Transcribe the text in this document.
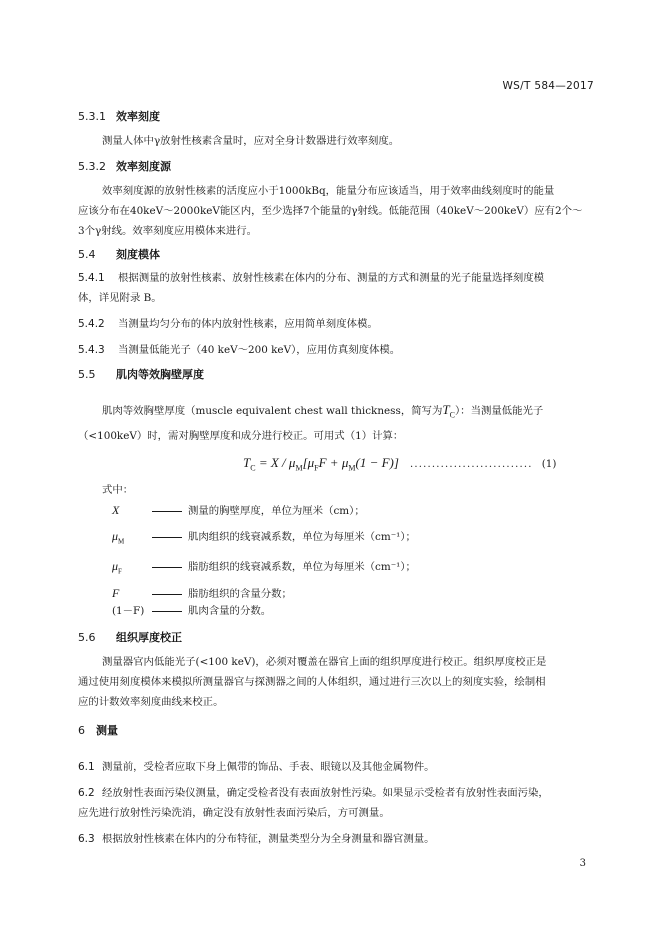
WS/T 584—2017
5.3.1 效率刻度
测量人体中γ放射性核素含量时，应对全身计数器进行效率刻度。
5.3.2 效率刻度源
效率刻度源的放射性核素的活度应小于1000kBq，能量分布应该适当，用于效率曲线刻度时的能量
应该分布在40keV～2000keV能区内，至少选择7个能量的γ射线。低能范围（40keV～200keV）应有2个～
3个γ射线。效率刻度应用模体来进行。
5.4 刻度模体
5.4.1 根据测量的放射性核素、放射性核素在体内的分布、测量的方式和测量的光子能量选择刻度模
体，详见附录 B。
5.4.2 当测量均匀分布的体内放射性核素，应用简单刻度体模。
5.4.3 当测量低能光子（40 keV～200 keV），应用仿真刻度体模。
5.5 肌肉等效胸壁厚度
肌肉等效胸壁厚度（muscle equivalent chest wall thickness，简写为$T_C$）：当测量低能光子
（<100keV）时，需对胸壁厚度和成分进行校正。可用式（1）计算：
$T_C = X / \mu_M[\mu_FF + \mu_M(1 - F)]$ ............................ (1)
式中：
X	测量的胸壁厚度，单位为厘米（cm）；
$\mu_M$	肌肉组织的线衰减系数，单位为每厘米（cm⁻¹）；
$\mu_F$	脂肪组织的线衰减系数，单位为每厘米（cm⁻¹）；
F	脂肪组织的含量分数；
(1－F)	肌肉含量的分数。
5.6 组织厚度校正
测量器官内低能光子(<100 keV)，必须对覆盖在器官上面的组织厚度进行校正。组织厚度校正是
通过使用刻度模体来模拟所测量器官与探测器之间的人体组织，通过进行三次以上的刻度实验，绘制相
应的计数效率刻度曲线来校正。
6 测量
6.1 测量前，受检者应取下身上佩带的饰品、手表、眼镜以及其他金属物件。
6.2 经放射性表面污染仪测量，确定受检者没有表面放射性污染。如果显示受检者有放射性表面污染，
应先进行放射性污染洗消，确定没有放射性表面污染后，方可测量。
6.3 根据放射性核素在体内的分布特征，测量类型分为全身测量和器官测量。
3
